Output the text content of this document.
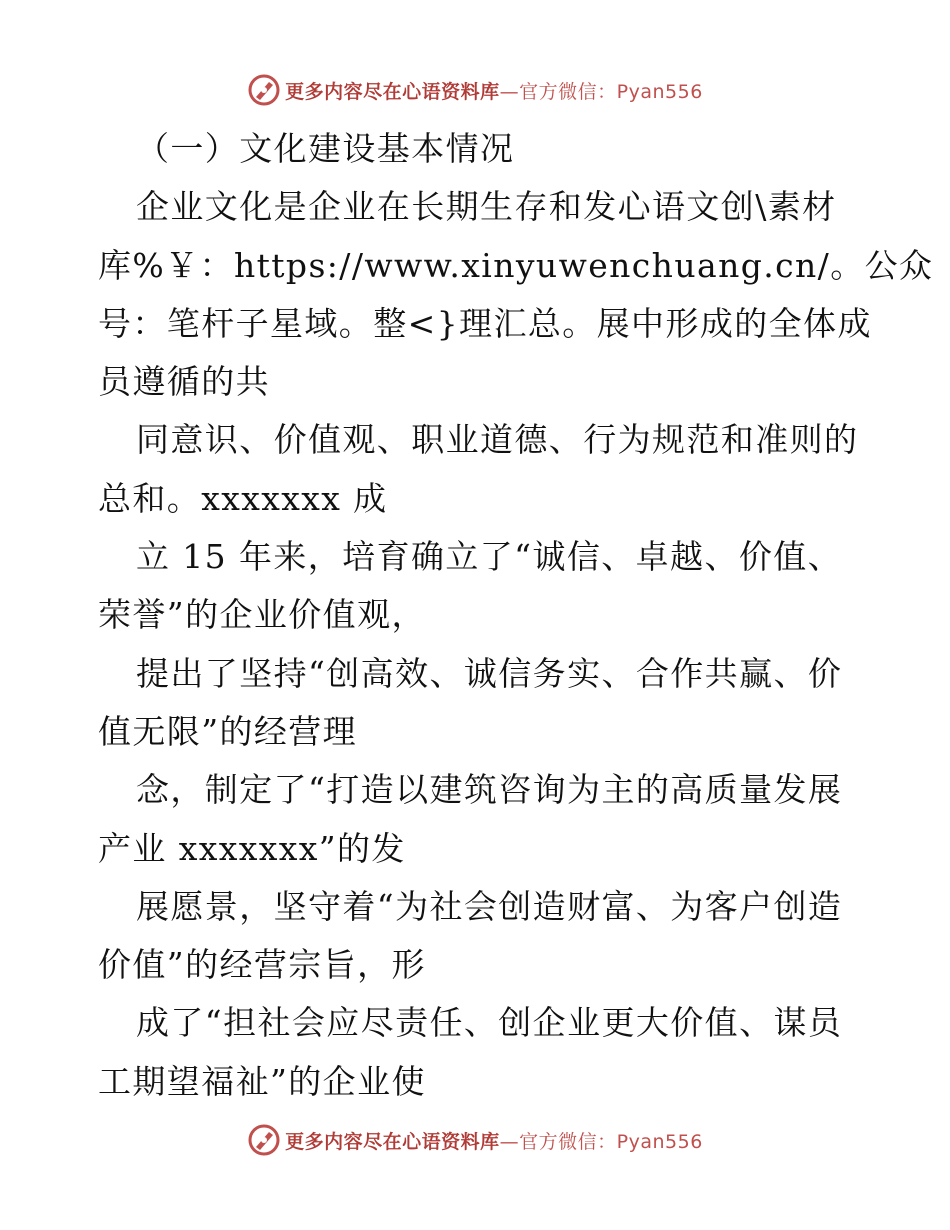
更多内容尽在心语资料库—官方微信：Pyan556
（一）文化建设基本情况
企业文化是企业在长期生存和发心语文创\素材
库%￥：https://www.xinyuwenchuang.cn/。公众
号：笔杆子星域。整<}理汇总。展中形成的全体成
员遵循的共
同意识、价值观、职业道德、行为规范和准则的
总和。xxxxxxx 成
立 15 年来，培育确立了“诚信、卓越、价值、
荣誉”的企业价值观，
提出了坚持“创高效、诚信务实、合作共赢、价
值无限”的经营理
念，制定了“打造以建筑咨询为主的高质量发展
产业 xxxxxxx”的发
展愿景，坚守着“为社会创造财富、为客户创造
价值”的经营宗旨，形
成了“担社会应尽责任、创企业更大价值、谋员
工期望福祉”的企业使
更多内容尽在心语资料库—官方微信：Pyan556
